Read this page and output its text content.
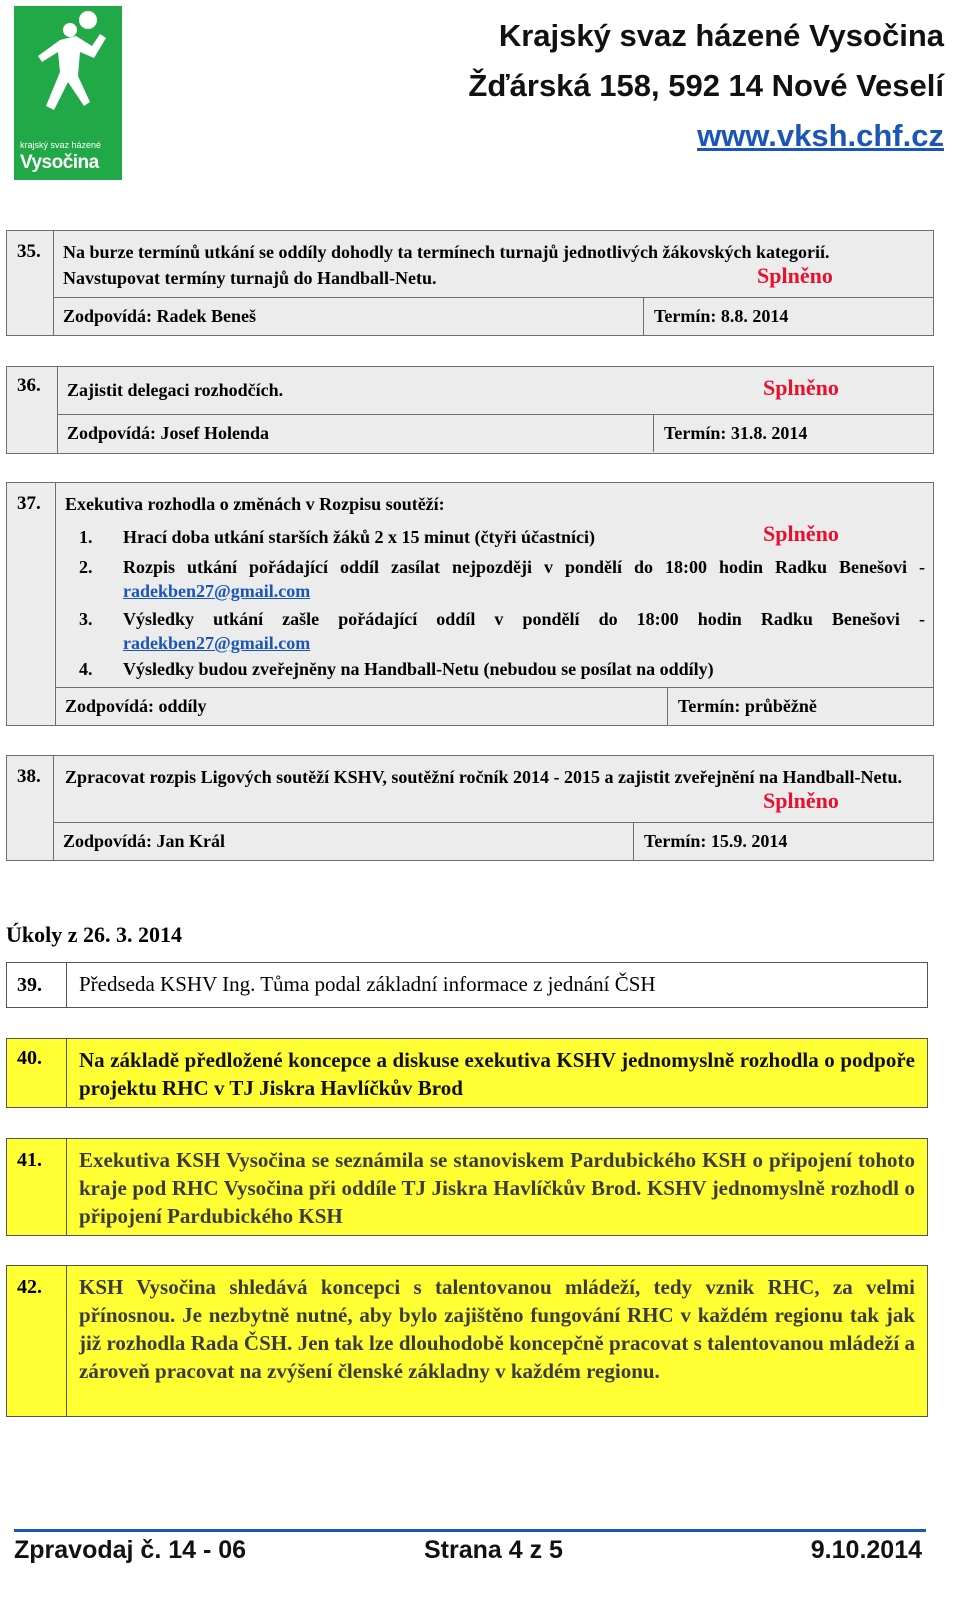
krajský svaz házené
Vysočina
Krajský svaz házené Vysočina
Žďárská 158, 592 14 Nové Veselí
www.vksh.chf.cz
35. Na burze termínů utkání se oddíly dohodly ta termínech turnajů jednotlivých žákovských kategorií. Navstupovat termíny turnajů do Handball-Netu.	Splněno
Zodpovídá: Radek Beneš	Termín: 8.8. 2014
36. Zajistit delegaci rozhodčích.	Splněno
Zodpovídá: Josef Holenda	Termín: 31.8. 2014
37. Exekutiva rozhodla o změnách v Rozpisu soutěží:
1. Hrací doba utkání starších žáků 2 x 15 minut (čtyři účastníci)	Splněno
2. Rozpis utkání pořádající oddíl zasílat nejpozději v pondělí do 18:00 hodin Radku Benešovi -
radekben27@gmail.com
3. Výsledky utkání zašle pořádající oddíl v pondělí do 18:00 hodin Radku Benešovi -
radekben27@gmail.com
4. Výsledky budou zveřejněny na Handball-Netu (nebudou se posílat na oddíly)
Zodpovídá: oddíly	Termín: průběžně
38. Zpracovat rozpis Ligových soutěží KSHV, soutěžní ročník 2014 - 2015 a zajistit zveřejnění na Handball-Netu.
Splněno
Zodpovídá: Jan Král	Termín: 15.9. 2014
Úkoly z 26. 3. 2014
39.	Předseda KSHV Ing. Tůma podal základní informace z jednání ČSH
40.	Na základě předložené koncepce a diskuse exekutiva KSHV jednomyslně rozhodla o podpoře projektu RHC v TJ Jiskra Havlíčkův Brod
41.	Exekutiva KSH Vysočina se seznámila se stanoviskem Pardubického KSH o připojení tohoto kraje pod RHC Vysočina při oddíle TJ Jiskra Havlíčkův Brod. KSHV jednomyslně rozhodl o připojení Pardubického KSH
42.	KSH Vysočina shledává koncepci s talentovanou mládeží, tedy vznik RHC, za velmi přínosnou. Je nezbytně nutné, aby bylo zajištěno fungování RHC v každém regionu tak jak již rozhodla Rada ČSH. Jen tak lze dlouhodobě koncepčně pracovat s talentovanou mládeží a zároveň pracovat na zvýšení členské základny v každém regionu.
Zpravodaj č. 14 - 06	Strana 4 z 5	9.10.2014
